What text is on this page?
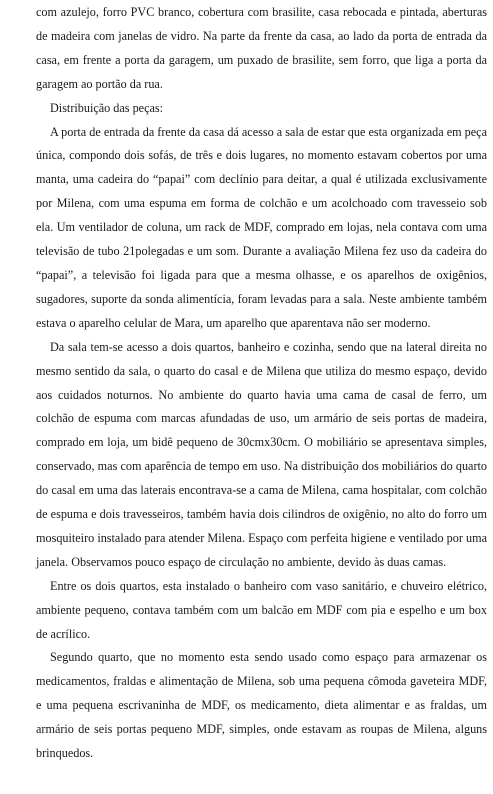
com azulejo, forro PVC branco, cobertura com brasilite, casa rebocada e pintada, aberturas de madeira com janelas de vidro. Na parte da frente da casa, ao lado da porta de entrada da casa, em frente a porta da garagem, um puxado de brasilite, sem forro, que liga a porta da garagem ao portão da rua.

Distribuição das peças:

A porta de entrada da frente da casa dá acesso a sala de estar que esta organizada em peça única, compondo dois sofás, de três e dois lugares, no momento estavam cobertos por uma manta, uma cadeira do “papai” com declínio para deitar, a qual é utilizada exclusivamente por Milena, com uma espuma em forma de colchão e um acolchoado com travesseio sob ela. Um ventilador de coluna, um rack de MDF, comprado em lojas, nela contava com uma televisão de tubo 21polegadas e um som. Durante a avaliação Milena fez uso da cadeira do “papai”, a televisão foi ligada para que a mesma olhasse, e os aparelhos de oxigênios, sugadores, suporte da sonda alimentícia, foram levadas para a sala. Neste ambiente também estava o aparelho celular de Mara, um aparelho que aparentava não ser moderno.

Da sala tem-se acesso a dois quartos, banheiro e cozinha, sendo que na lateral direita no mesmo sentido da sala, o quarto do casal e de Milena que utiliza do mesmo espaço, devido aos cuidados noturnos. No ambiente do quarto havia uma cama de casal de ferro, um colchão de espuma com marcas afundadas de uso, um armário de seis portas de madeira, comprado em loja, um bidê pequeno de 30cmx30cm. O mobiliário se apresentava simples, conservado, mas com aparência de tempo em uso. Na distribuição dos mobiliários do quarto do casal em uma das laterais encontrava-se a cama de Milena, cama hospitalar, com colchão de espuma e dois travesseiros, também havia dois cilindros de oxigênio, no alto do forro um mosquiteiro instalado para atender Milena. Espaço com perfeita higiene e ventilado por uma janela. Observamos pouco espaço de circulação no ambiente, devido às duas camas.

Entre os dois quartos, esta instalado o banheiro com vaso sanitário, e chuveiro elétrico, ambiente pequeno, contava também com um balcão em MDF com pia e espelho e um box de acrílico.

Segundo quarto, que no momento esta sendo usado como espaço para armazenar os medicamentos, fraldas e alimentação de Milena, sob uma pequena cômoda gaveteira MDF, e uma pequena escrivaninha de MDF, os medicamento, dieta alimentar e as fraldas, um armário de seis portas pequeno MDF, simples, onde estavam as roupas de Milena, alguns brinquedos.
